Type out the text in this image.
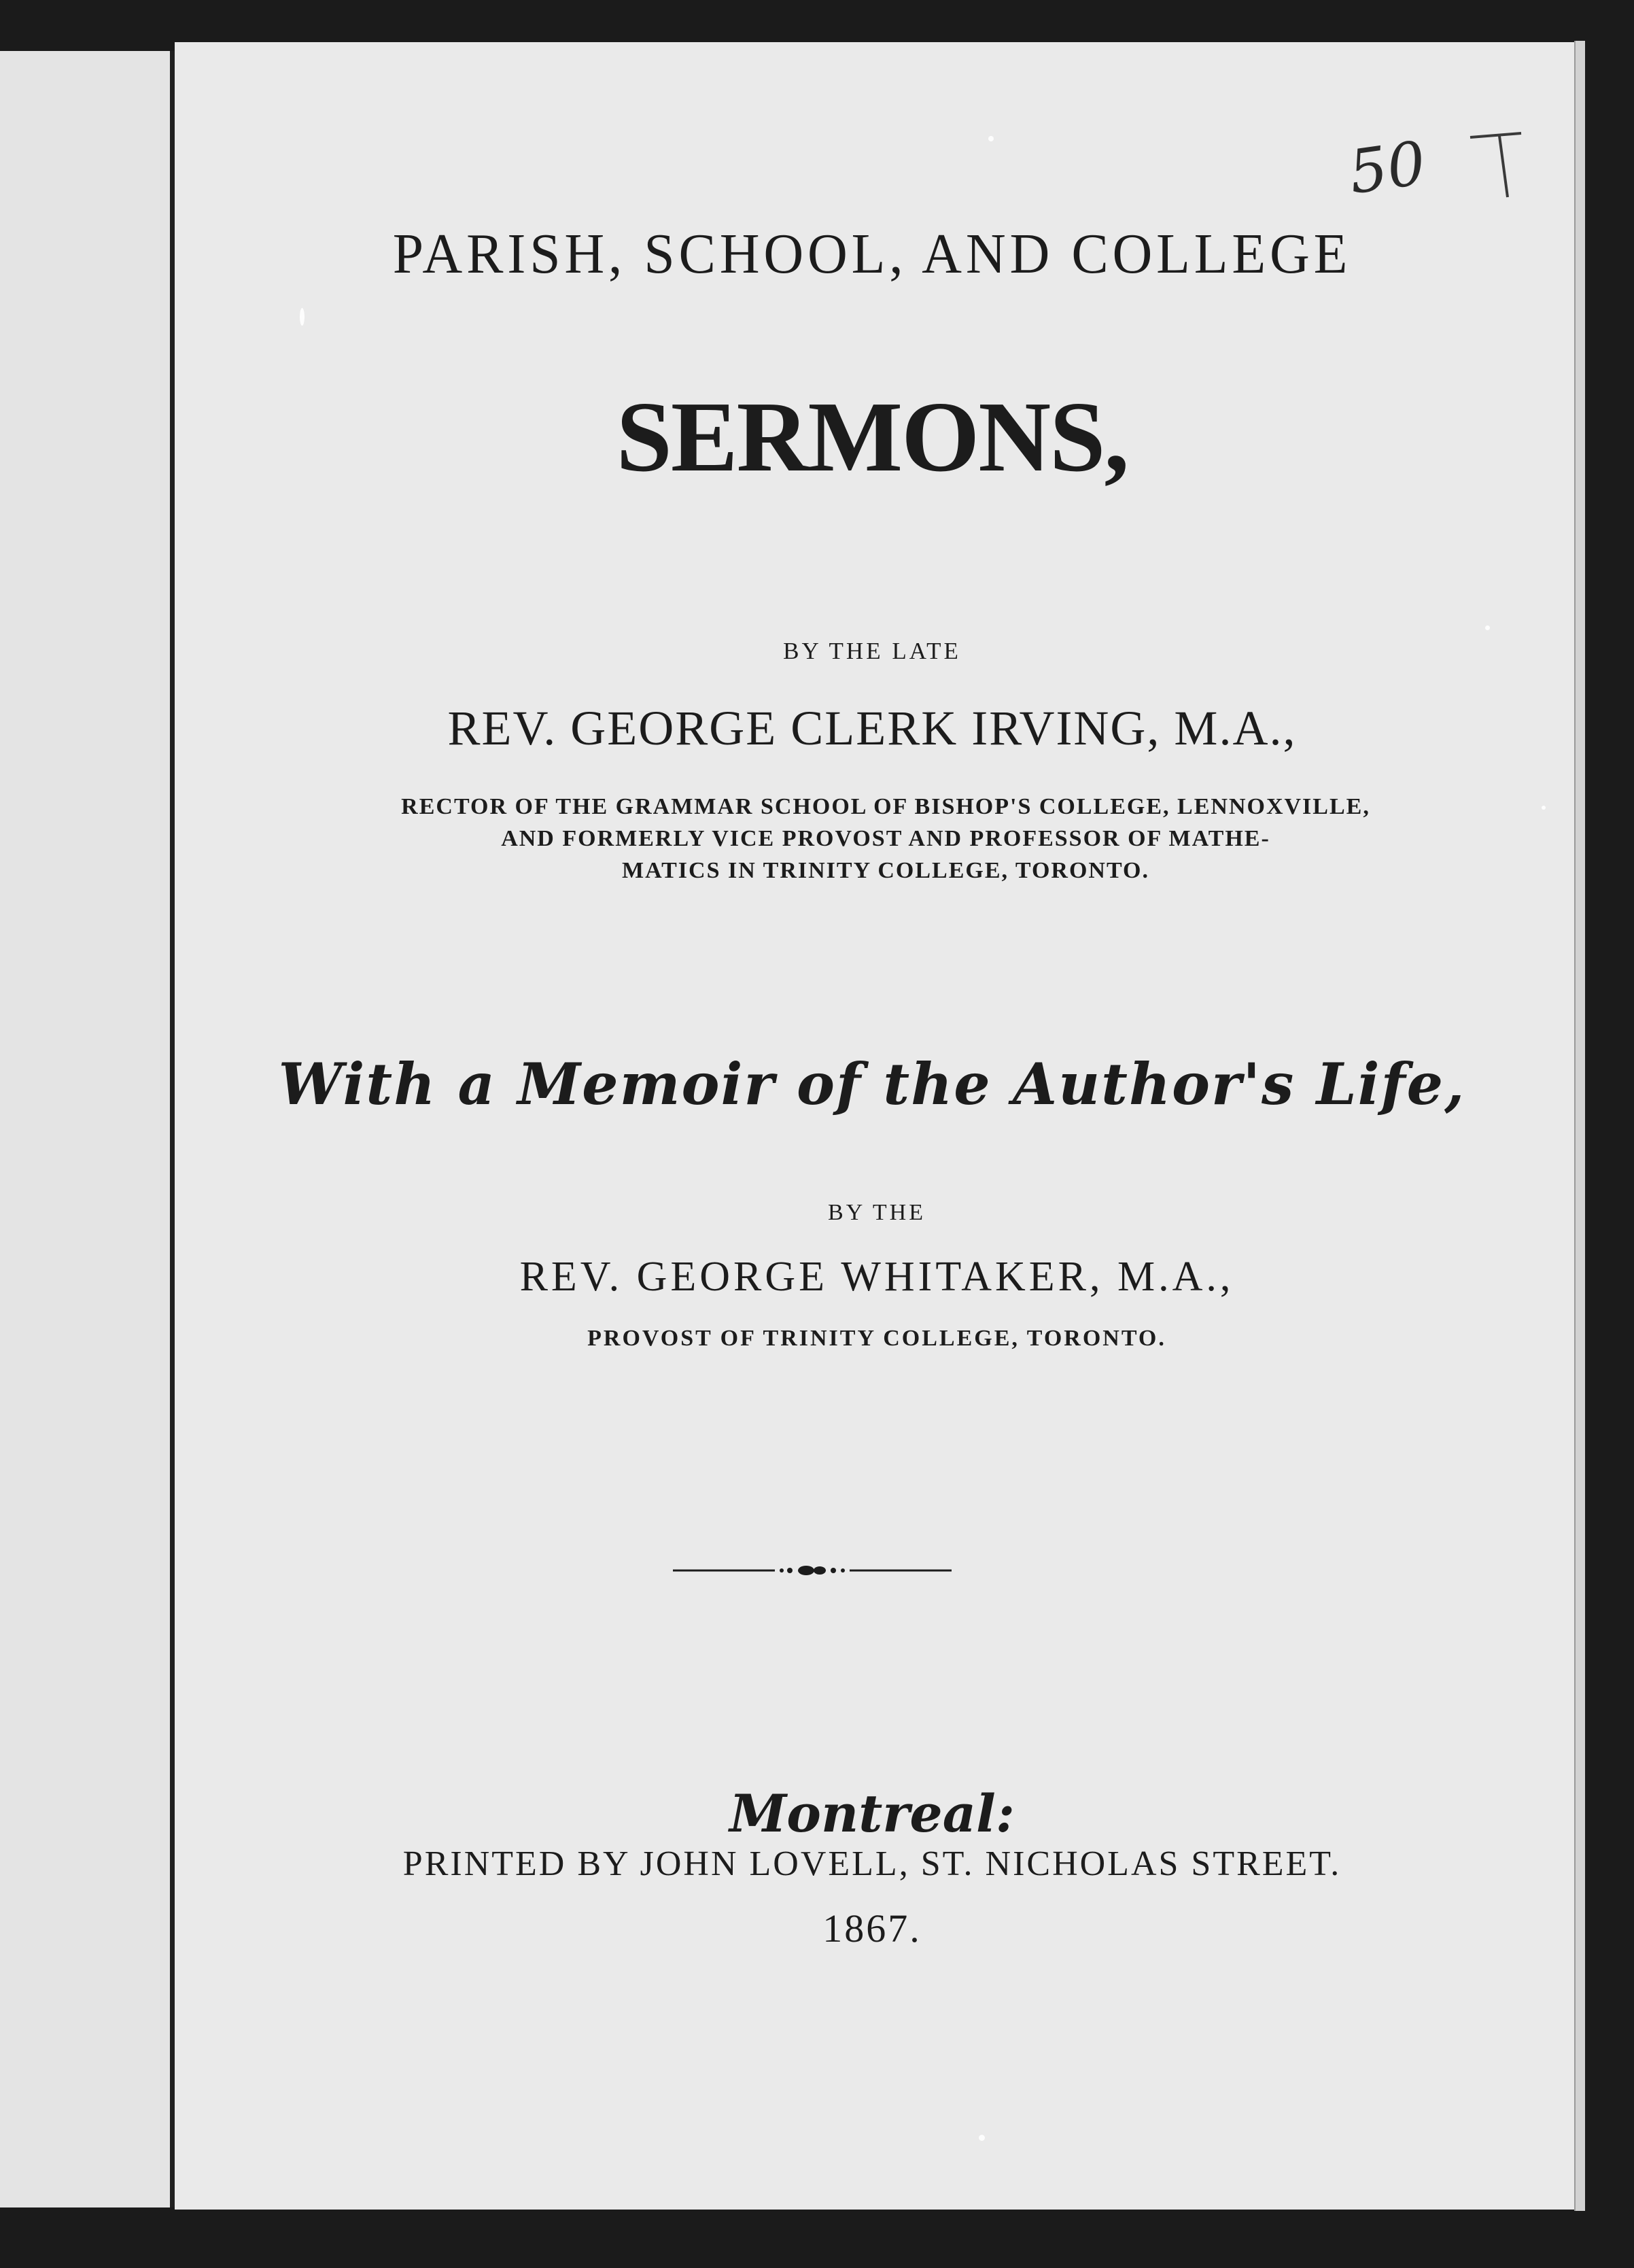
PARISH, SCHOOL, AND COLLEGE
SERMONS,
BY THE LATE
REV. GEORGE CLERK IRVING, M.A.,
RECTOR OF THE GRAMMAR SCHOOL OF BISHOP'S COLLEGE, LENNOXVILLE,
AND FORMERLY VICE PROVOST AND PROFESSOR OF MATHE-
MATICS IN TRINITY COLLEGE, TORONTO.
With a Memoir of the Author's Life,
BY THE
REV. GEORGE WHITAKER, M.A.,
PROVOST OF TRINITY COLLEGE, TORONTO.
Montreal:
PRINTED BY JOHN LOVELL, ST. NICHOLAS STREET.
1867.
50
